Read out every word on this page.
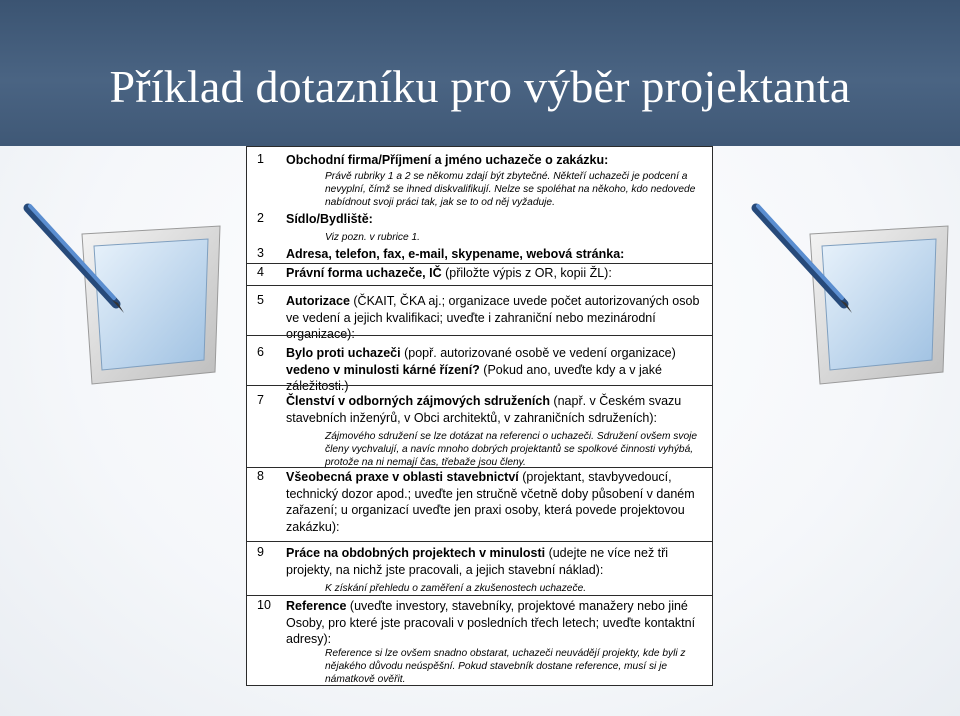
Příklad dotazníku pro výběr projektanta
1 Obchodní firma/Příjmení a jméno uchazeče o zakázku:
Právě rubriky 1 a 2 se někomu zdají být zbytečné. Někteří uchazeči je podcení a nevyplní, čímž se ihned diskvalifikují. Nelze se spoléhat na někoho, kdo nedovede nabídnout svoji práci tak, jak se to od něj vyžaduje.
2 Sídlo/Bydliště:
Viz pozn. v rubrice 1.
3 Adresa, telefon, fax, e-mail, skypename, webová stránka:
4 Právní forma uchazeče, IČ (přiložte výpis z OR, kopii ŽL):
5 Autorizace (ČKAIT, ČKA aj.; organizace uvede počet autorizovaných osob ve vedení a jejich kvalifikaci; uveďte i zahraniční nebo mezinárodní organizace):
6 Bylo proti uchazeči (popř. autorizované osobě ve vedení organizace) vedeno v minulosti kárné řízení? (Pokud ano, uveďte kdy a v jaké záležitosti.)
7 Členství v odborných zájmových sdruženích (např. v Českém svazu stavebních inženýrů, v Obci architektů, v zahraničních sdruženích):
Zájmového sdružení se lze dotázat na referenci o uchazeči. Sdružení ovšem svoje členy vychvalují, a navíc mnoho dobrých projektantů se spolkové činnosti vyhýbá, protože na ni nemají čas, třebaže jsou členy.
8 Všeobecná praxe v oblasti stavebnictví (projektant, stavbyvedoucí, technický dozor apod.; uveďte jen stručně včetně doby působení v daném zařazení; u organizací uveďte jen praxi osoby, která povede projektovou zakázku):
9 Práce na obdobných projektech v minulosti (udejte ne více než tři projekty, na nichž jste pracovali, a jejich stavební náklad):
K získání přehledu o zaměření a zkušenostech uchazeče.
10 Reference (uveďte investory, stavebníky, projektové manažery nebo jiné Osoby, pro které jste pracovali v posledních třech letech; uveďte kontaktní adresy):
Reference si lze ovšem snadno obstarat, uchazeči neuvádějí projekty, kde byli z nějakého důvodu neúspěšní. Pokud stavebník dostane reference, musí si je námatkově ověřit.
